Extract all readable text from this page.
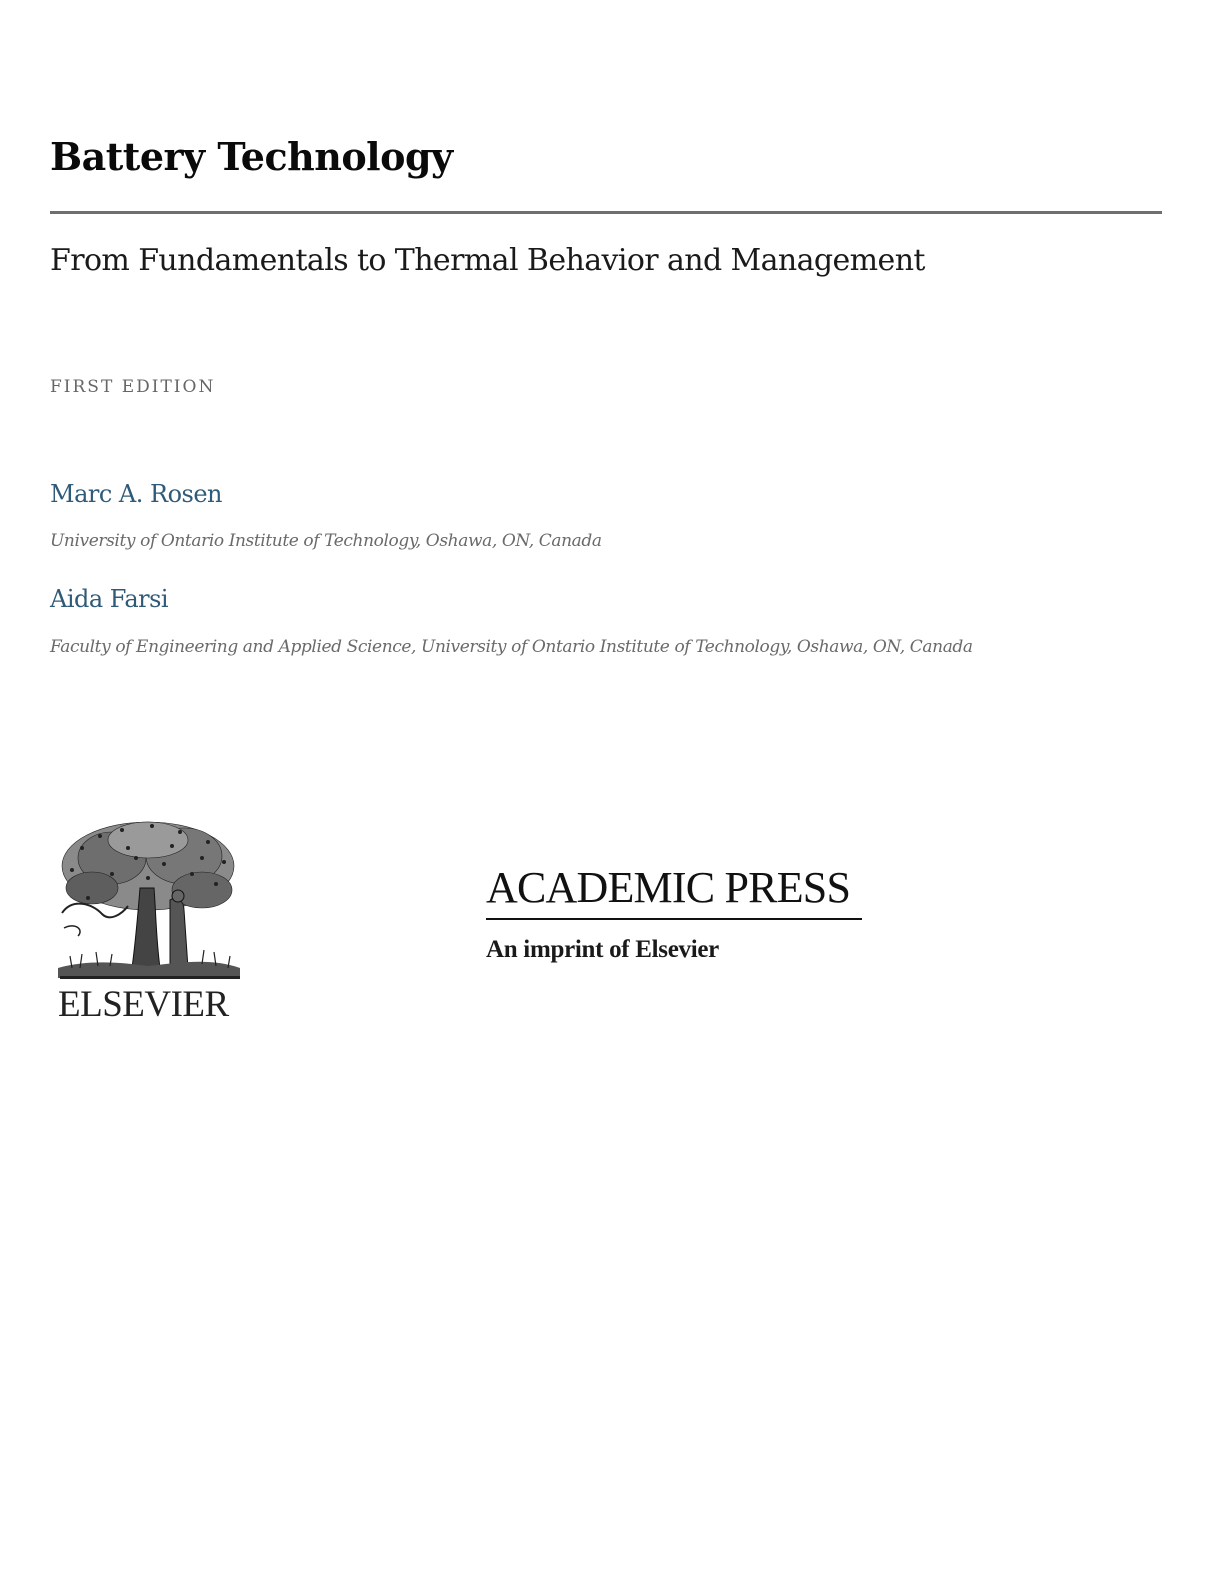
Battery Technology
From Fundamentals to Thermal Behavior and Management
FIRST EDITION
Marc A. Rosen
University of Ontario Institute of Technology, Oshawa, ON, Canada
Aida Farsi
Faculty of Engineering and Applied Science, University of Ontario Institute of Technology, Oshawa, ON, Canada
ELSEVIER
ACADEMIC PRESS
An imprint of Elsevier
